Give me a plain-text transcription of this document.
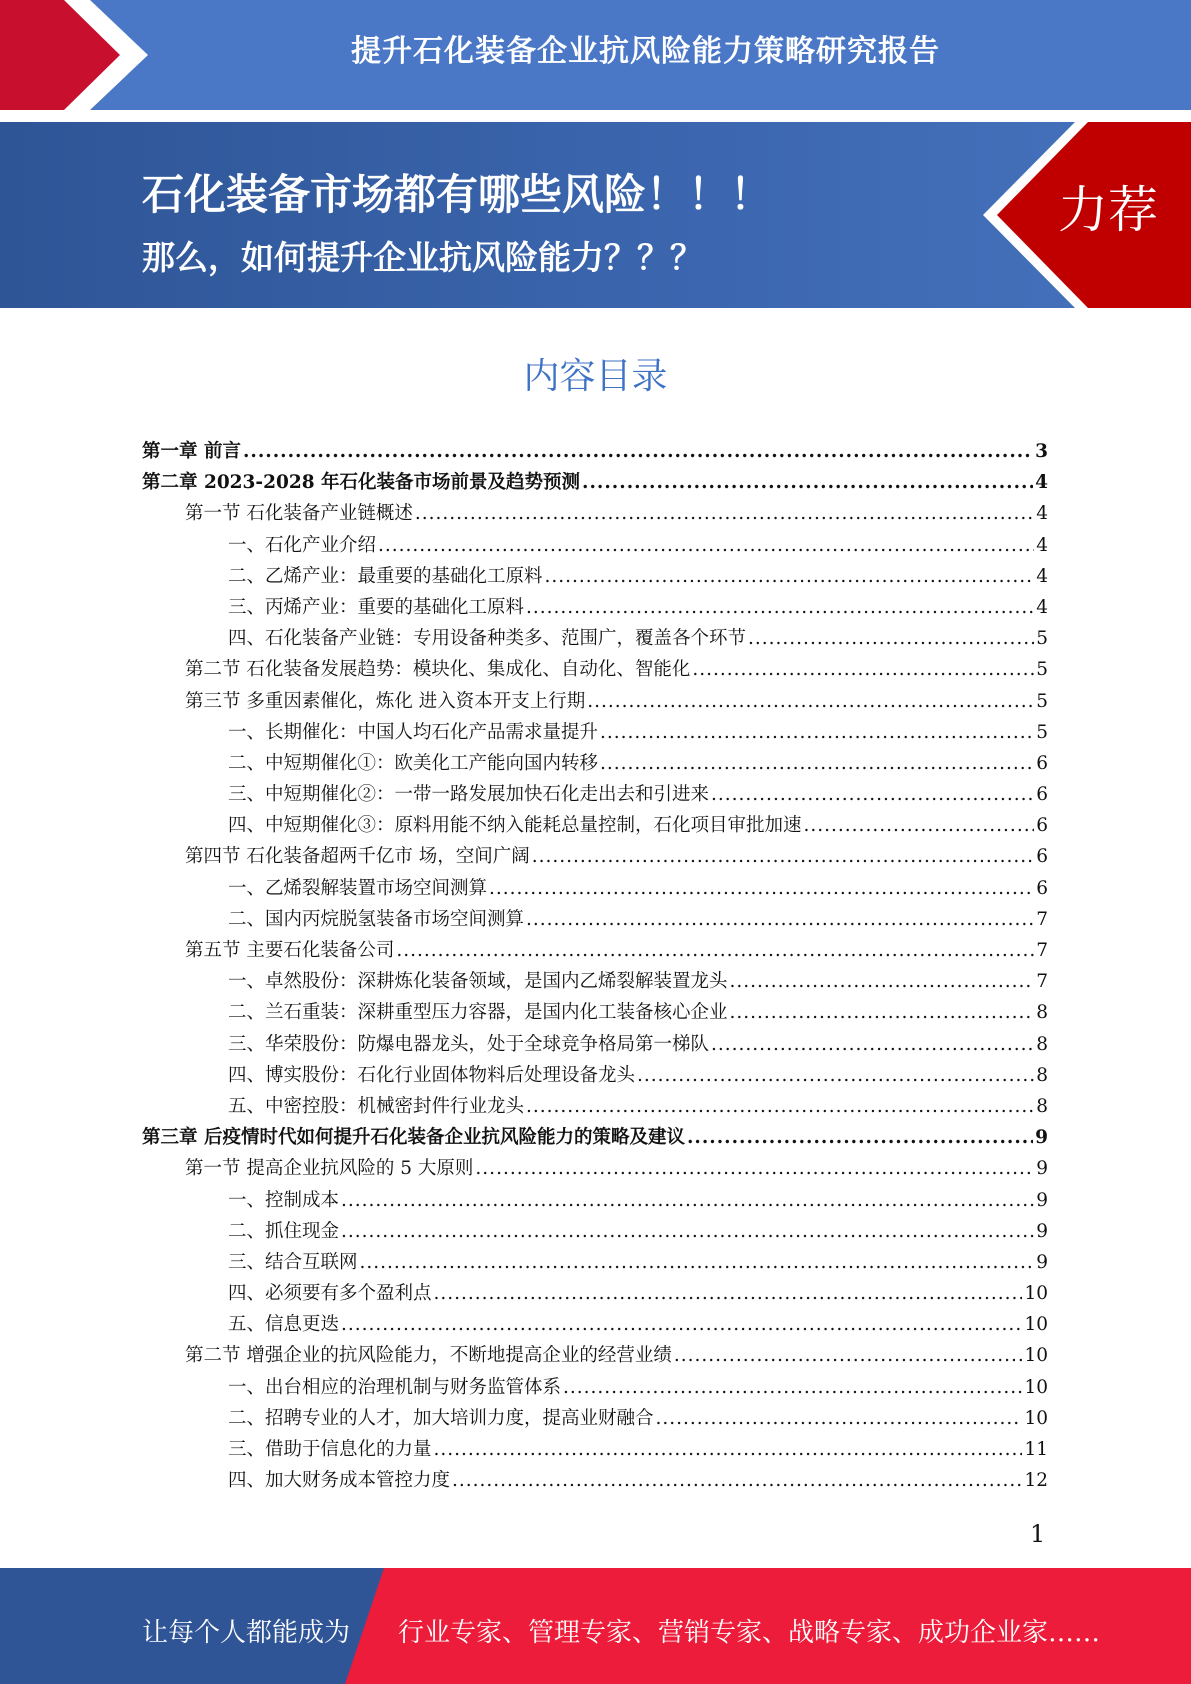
提升石化装备企业抗风险能力策略研究报告
石化装备市场都有哪些风险！！！
那么，如何提升企业抗风险能力？？？
力荐
内容目录
第一章 前言 .....	3
第二章 2023-2028 年石化装备市场前景及趋势预测 .....	4
第一节 石化装备产业链概述 .....	4
一、石化产业介绍 .....	4
二、乙烯产业：最重要的基础化工原料 .....	4
三、丙烯产业：重要的基础化工原料 .....	4
四、石化装备产业链：专用设备种类多、范围广，覆盖各个环节 .....	5
第二节 石化装备发展趋势：模块化、集成化、自动化、智能化 .....	5
第三节 多重因素催化，炼化 进入资本开支上行期 .....	5
一、长期催化：中国人均石化产品需求量提升 .....	5
二、中短期催化①：欧美化工产能向国内转移 .....	6
三、中短期催化②：一带一路发展加快石化走出去和引进来 .....	6
四、中短期催化③：原料用能不纳入能耗总量控制，石化项目审批加速 .....	6
第四节 石化装备超两千亿市 场，空间广阔 .....	6
一、乙烯裂解装置市场空间测算 .....	6
二、国内丙烷脱氢装备市场空间测算 .....	7
第五节 主要石化装备公司 .....	7
一、卓然股份：深耕炼化装备领域，是国内乙烯裂解装置龙头 .....	7
二、兰石重装：深耕重型压力容器，是国内化工装备核心企业 .....	8
三、华荣股份：防爆电器龙头，处于全球竞争格局第一梯队 .....	8
四、博实股份：石化行业固体物料后处理设备龙头 .....	8
五、中密控股：机械密封件行业龙头 .....	8
第三章 后疫情时代如何提升石化装备企业抗风险能力的策略及建议 .....	9
第一节 提高企业抗风险的 5 大原则 .....	9
一、控制成本 .....	9
二、抓住现金 .....	9
三、结合互联网 .....	9
四、必须要有多个盈利点 .....	10
五、信息更迭 .....	10
第二节 增强企业的抗风险能力，不断地提高企业的经营业绩 .....	10
一、出台相应的治理机制与财务监管体系 .....	10
二、招聘专业的人才，加大培训力度，提高业财融合 .....	10
三、借助于信息化的力量 .....	11
四、加大财务成本管控力度 .....	12
1
让每个人都能成为 行业专家、管理专家、营销专家、战略专家、成功企业家……
